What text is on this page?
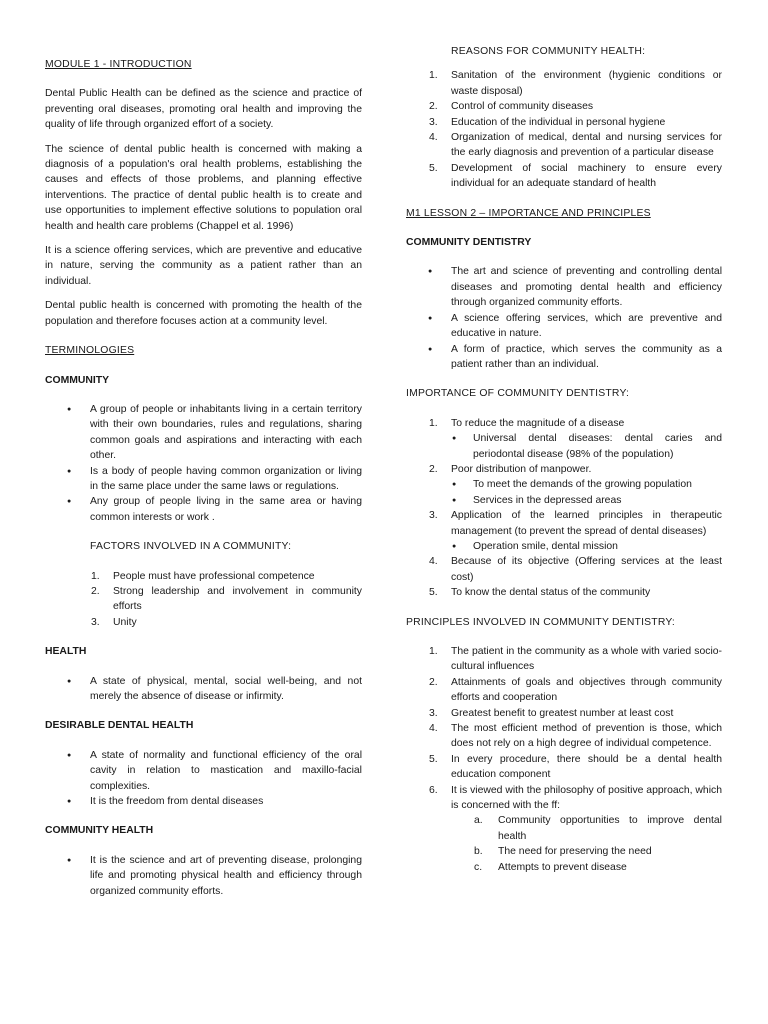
MODULE 1 - INTRODUCTION

Dental Public Health can be defined as the science and practice of preventing oral diseases, promoting oral health and improving the quality of life through organized effort of a society.

The science of dental public health is concerned with making a diagnosis of a population's oral health problems, establishing the causes and effects of those problems, and planning effective interventions. The practice of dental public health is to create and use opportunities to implement effective solutions to population oral health and health care problems (Chappel et al. 1996)

It is a science offering services, which are preventive and educative in nature, serving the community as a patient rather than an individual.

Dental public health is concerned with promoting the health of the population and therefore focuses action at a community level.

TERMINOLOGIES

COMMUNITY

● A group of people or inhabitants living in a certain territory with their own boundaries, rules and regulations, sharing common goals and aspirations and interacting with each other.
● Is a body of people having common organization or living in the same place under the same laws or regulations.
● Any group of people living in the same area or having common interests or work .

FACTORS INVOLVED IN A COMMUNITY:

1. People must have professional competence
2. Strong leadership and involvement in community efforts
3. Unity

HEALTH

● A state of physical, mental, social well-being, and not merely the absence of disease or infirmity.

DESIRABLE DENTAL HEALTH

● A state of normality and functional efficiency of the oral cavity in relation to mastication and maxillo-facial complexities.
● It is the freedom from dental diseases

COMMUNITY HEALTH

● It is the science and art of preventing disease, prolonging life and promoting physical health and efficiency through organized community efforts.

REASONS FOR COMMUNITY HEALTH:

1. Sanitation of the environment (hygienic conditions or waste disposal)
2. Control of community diseases
3. Education of the individual in personal hygiene
4. Organization of medical, dental and nursing services for the early diagnosis and prevention of a particular disease
5. Development of social machinery to ensure every individual for an adequate standard of health

M1 LESSON 2 – IMPORTANCE AND PRINCIPLES

COMMUNITY DENTISTRY

● The art and science of preventing and controlling dental diseases and promoting dental health and efficiency through organized community efforts.
● A science offering services, which are preventive and educative in nature.
● A form of practice, which serves the community as a patient rather than an individual.

IMPORTANCE OF COMMUNITY DENTISTRY:

1. To reduce the magnitude of a disease
● Universal dental diseases: dental caries and periodontal disease (98% of the population)
2. Poor distribution of manpower.
● To meet the demands of the growing population
● Services in the depressed areas
3. Application of the learned principles in therapeutic management (to prevent the spread of dental diseases)
● Operation smile, dental mission
4. Because of its objective (Offering services at the least cost)
5. To know the dental status of the community

PRINCIPLES INVOLVED IN COMMUNITY DENTISTRY:

1. The patient in the community as a whole with varied socio-cultural influences
2. Attainments of goals and objectives through community efforts and cooperation
3. Greatest benefit to greatest number at least cost
4. The most efficient method of prevention is those, which does not rely on a high degree of individual competence.
5. In every procedure, there should be a dental health education component
6. It is viewed with the philosophy of positive approach, which is concerned with the ff:
a. Community opportunities to improve dental health
b. The need for preserving the need
c. Attempts to prevent disease
